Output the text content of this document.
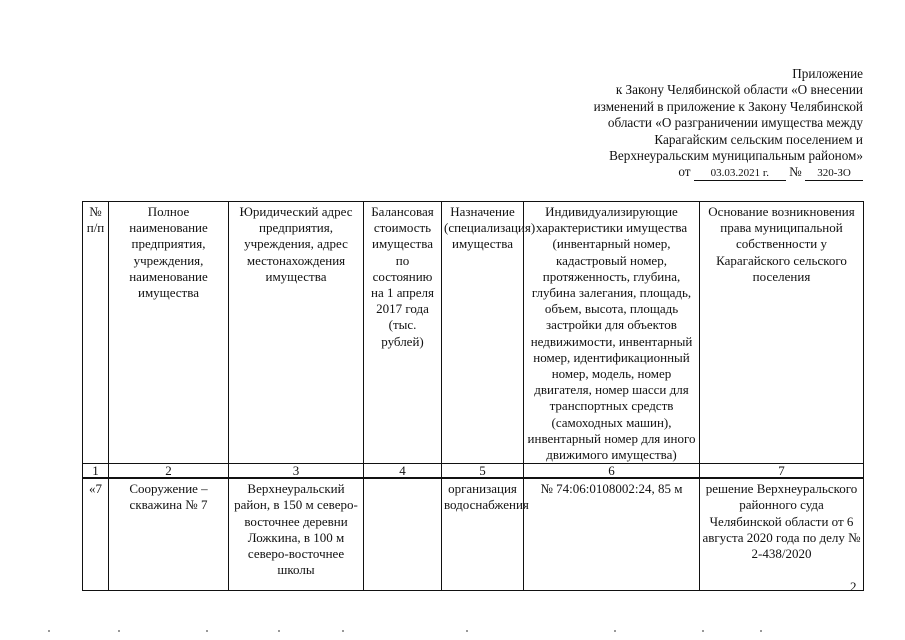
Приложение
к Закону Челябинской области «О внесении
изменений в приложение к Закону Челябинской
области «О разграничении имущества между
Карагайским сельским поселением и
Верхнеуральским муниципальным районом»
от 03.03.2021 г. № 320-ЗО
№ п/п	Полное наименование предприятия, учреждения, наименование имущества	Юридический адрес предприятия, учреждения, адрес местонахождения имущества	Балансовая стоимость имущества по состоянию на 1 апреля 2017 года (тыс. рублей)	Назначение (специализация) имущества	Индивидуализирующие характеристики имущества (инвентарный номер, кадастровый номер, протяженность, глубина, глубина залегания, площадь, объем, высота, площадь застройки для объектов недвижимости, инвентарный номер, идентификационный номер, модель, номер двигателя, номер шасси для транспортных средств (самоходных машин), инвентарный номер для иного движимого имущества)	Основание возникновения права муниципальной собственности у Карагайского сельского поселения
1	2	3	4	5	6	7
«7	Сооружение – скважина № 7	Верхнеуральский район, в 150 м северо-восточнее деревни Ложкина, в 100 м северо-восточнее школы		организация водоснабжения	№ 74:06:0108002:24, 85 м	решение Верхнеуральского районного суда Челябинской области от 6 августа 2020 года по делу № 2-438/2020
2
